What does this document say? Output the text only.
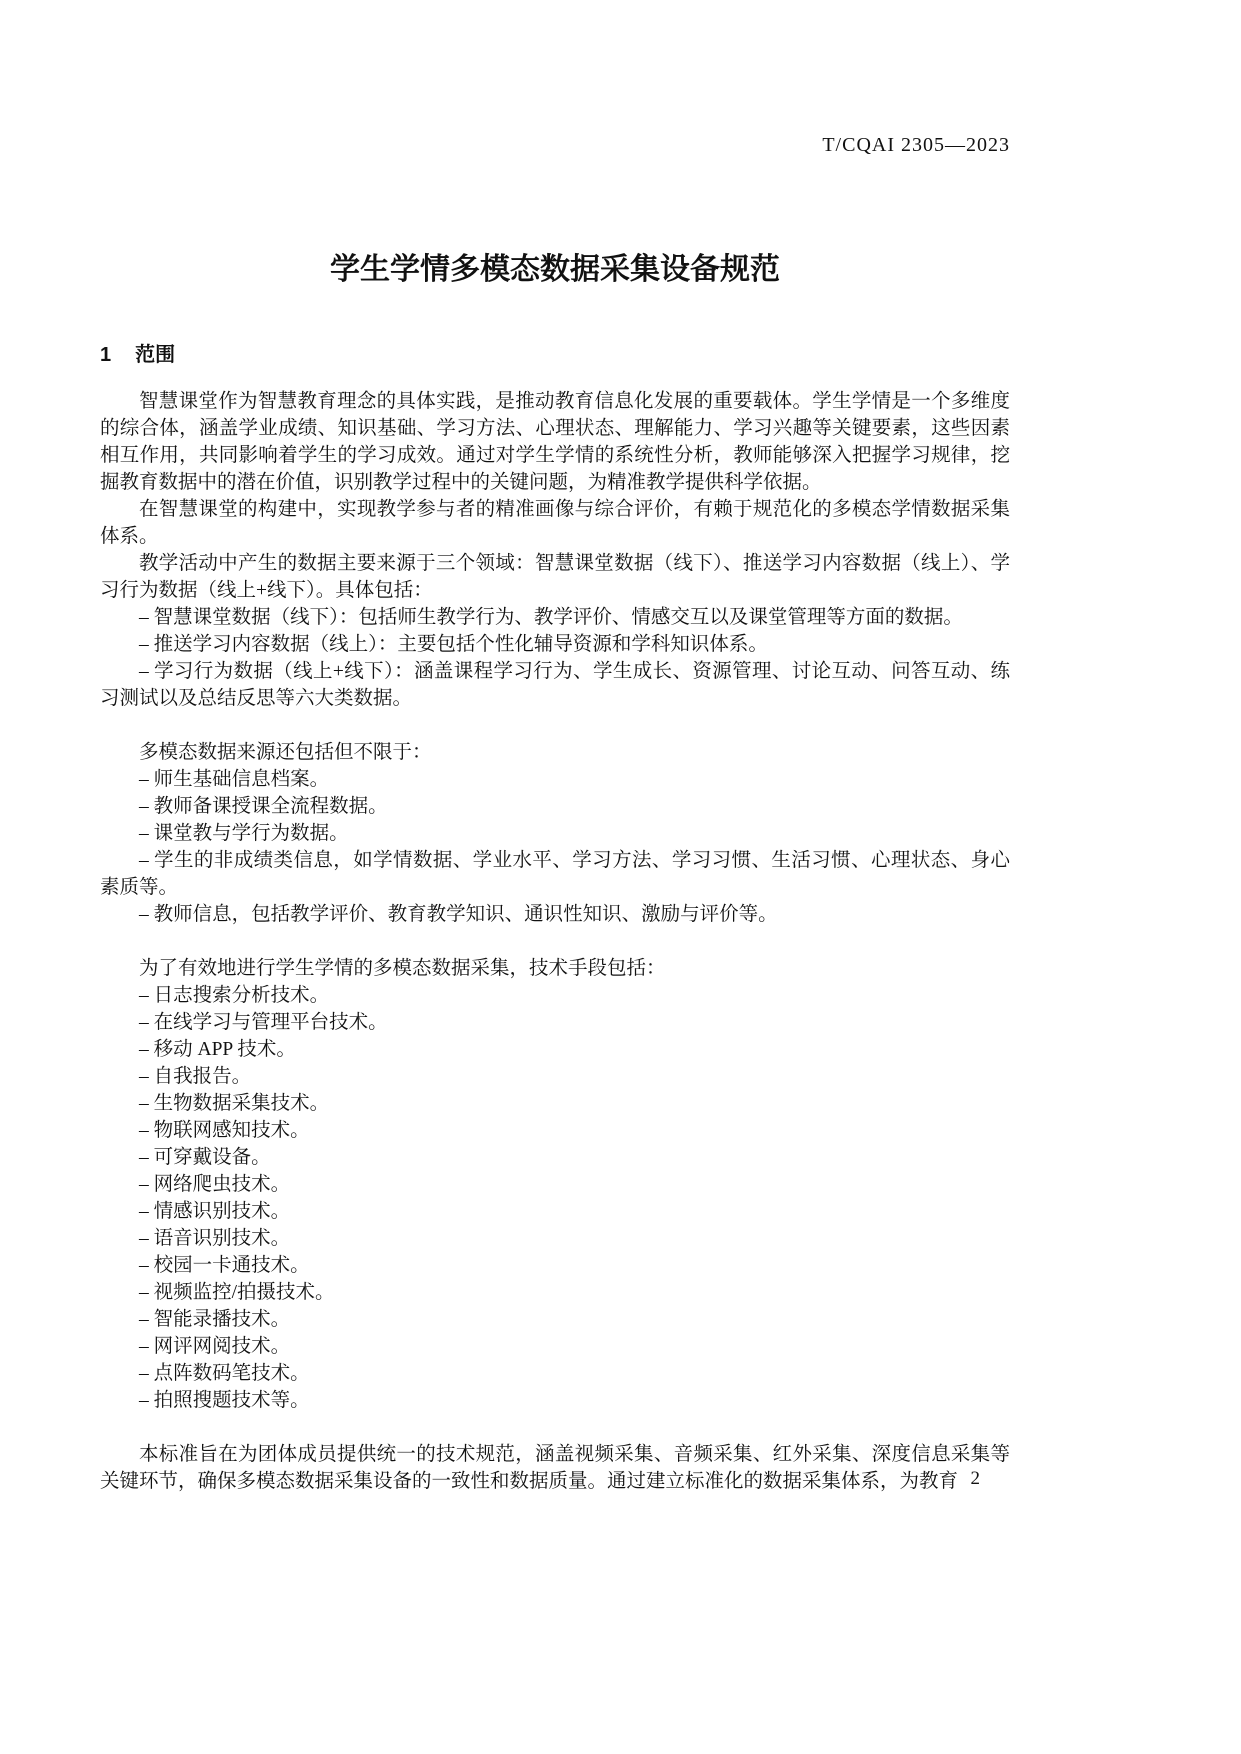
T/CQAI 2305—2023
学生学情多模态数据采集设备规范
1 范围

智慧课堂作为智慧教育理念的具体实践，是推动教育信息化发展的重要载体。学生学情是一个多维度的综合体，涵盖学业成绩、知识基础、学习方法、心理状态、理解能力、学习兴趣等关键要素，这些因素相互作用，共同影响着学生的学习成效。通过对学生学情的系统性分析，教师能够深入把握学习规律，挖掘教育数据中的潜在价值，识别教学过程中的关键问题，为精准教学提供科学依据。

在智慧课堂的构建中，实现教学参与者的精准画像与综合评价，有赖于规范化的多模态学情数据采集体系。

教学活动中产生的数据主要来源于三个领域：智慧课堂数据（线下）、推送学习内容数据（线上）、学习行为数据（线上+线下）。具体包括：

– 智慧课堂数据（线下）：包括师生教学行为、教学评价、情感交互以及课堂管理等方面的数据。

– 推送学习内容数据（线上）：主要包括个性化辅导资源和学科知识体系。

– 学习行为数据（线上+线下）：涵盖课程学习行为、学生成长、资源管理、讨论互动、问答互动、练习测试以及总结反思等六大类数据。

多模态数据来源还包括但不限于：

– 师生基础信息档案。

– 教师备课授课全流程数据。

– 课堂教与学行为数据。

– 学生的非成绩类信息，如学情数据、学业水平、学习方法、学习习惯、生活习惯、心理状态、身心素质等。

– 教师信息，包括教学评价、教育教学知识、通识性知识、激励与评价等。

为了有效地进行学生学情的多模态数据采集，技术手段包括：

– 日志搜索分析技术。

– 在线学习与管理平台技术。

– 移动 APP 技术。

– 自我报告。

– 生物数据采集技术。

– 物联网感知技术。

– 可穿戴设备。

– 网络爬虫技术。

– 情感识别技术。

– 语音识别技术。

– 校园一卡通技术。

– 视频监控/拍摄技术。

– 智能录播技术。

– 网评网阅技术。

– 点阵数码笔技术。

– 拍照搜题技术等。

本标准旨在为团体成员提供统一的技术规范，涵盖视频采集、音频采集、红外采集、深度信息采集等关键环节，确保多模态数据采集设备的一致性和数据质量。通过建立标准化的数据采集体系，为教育 2
